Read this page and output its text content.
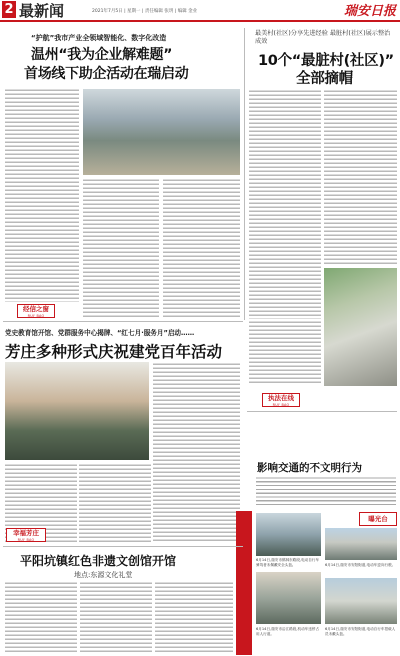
2 最新闻	2021年7月5日 | 星期一 | 责任编辑 张玥 | 编辑 金业	瑞安日报
“护航”我市产业全领域智能化、数字化改造
温州“我为企业解难题”
首场线下助企活动在瑞启动
经信之窗
RUI' BAO
最美村(社区)分享先进经验 最脏村(社区)展示整治成效
10个“最脏村(社区)”
全部摘帽
执法在线
RUI' BAO
党史教育馆开馆、党群服务中心揭牌、“红七月·服务月”启动……
芳庄多种形式庆祝建党百年活动
幸福芳庄
RUI' BAO
影响交通的不文明行为
曝光台
6月14日,瑞安市鹤林东路段,电动自行车骑驾者未佩戴安全头盔。	6月14日,瑞安市安阳街道,电动车逆向行驶。
6月14日,瑞安市沿江路段,机动车违停占用人行道。
6月14日,瑞安市安阳街道,电动自行车搭载人员未戴头盔。
平阳坑镇红色非遗文创馆开馆
地点:东源文化礼堂
